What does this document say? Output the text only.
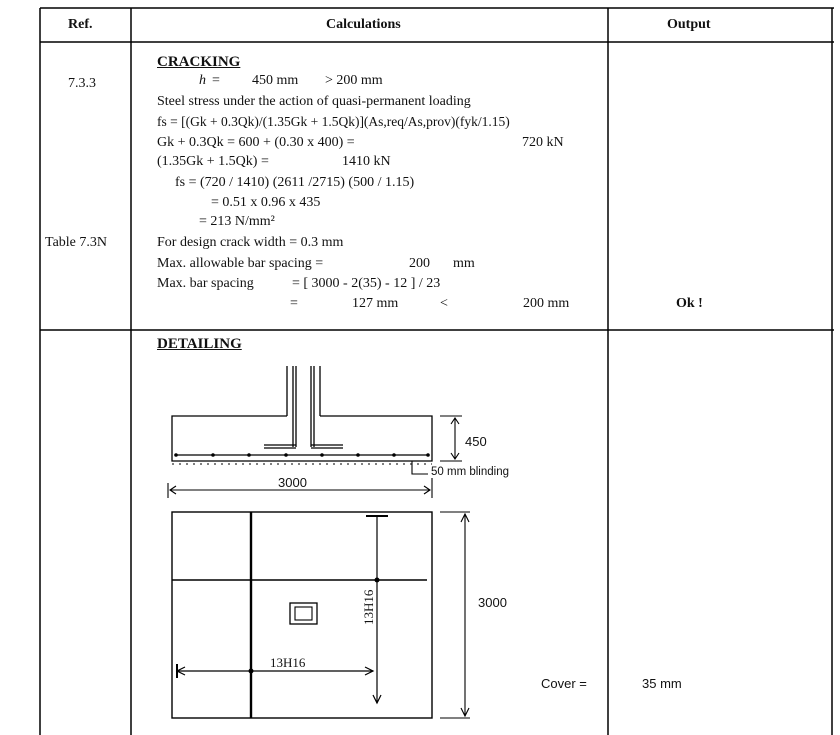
Ref.	Calculations	Output
CRACKING
7.3.3	h = 450 mm > 200 mm
Steel stress under the action of quasi-permanent loading
fs = [(Gk + 0.3Qk)/(1.35Gk + 1.5Qk)](As,req/As,prov)(fyk/1.15)
Gk + 0.3Qk = 600 + (0.30 x 400) =	720 kN
(1.35Gk + 1.5Qk) =	1410 kN
fs = (720 / 1410) (2611 /2715) (500 / 1.15)
= 0.51 x 0.96 x 435
= 213 N/mm²
Table 7.3N	For design crack width = 0.3 mm
Max. allowable bar spacing =	200 mm
Max. bar spacing	= [ 3000 - 2(35) - 12 ] / 23
=	127 mm	<	200 mm	Ok !
DETAILING
450
50 mm blinding
3000
3000
13H16
13H16
Cover =	35 mm
